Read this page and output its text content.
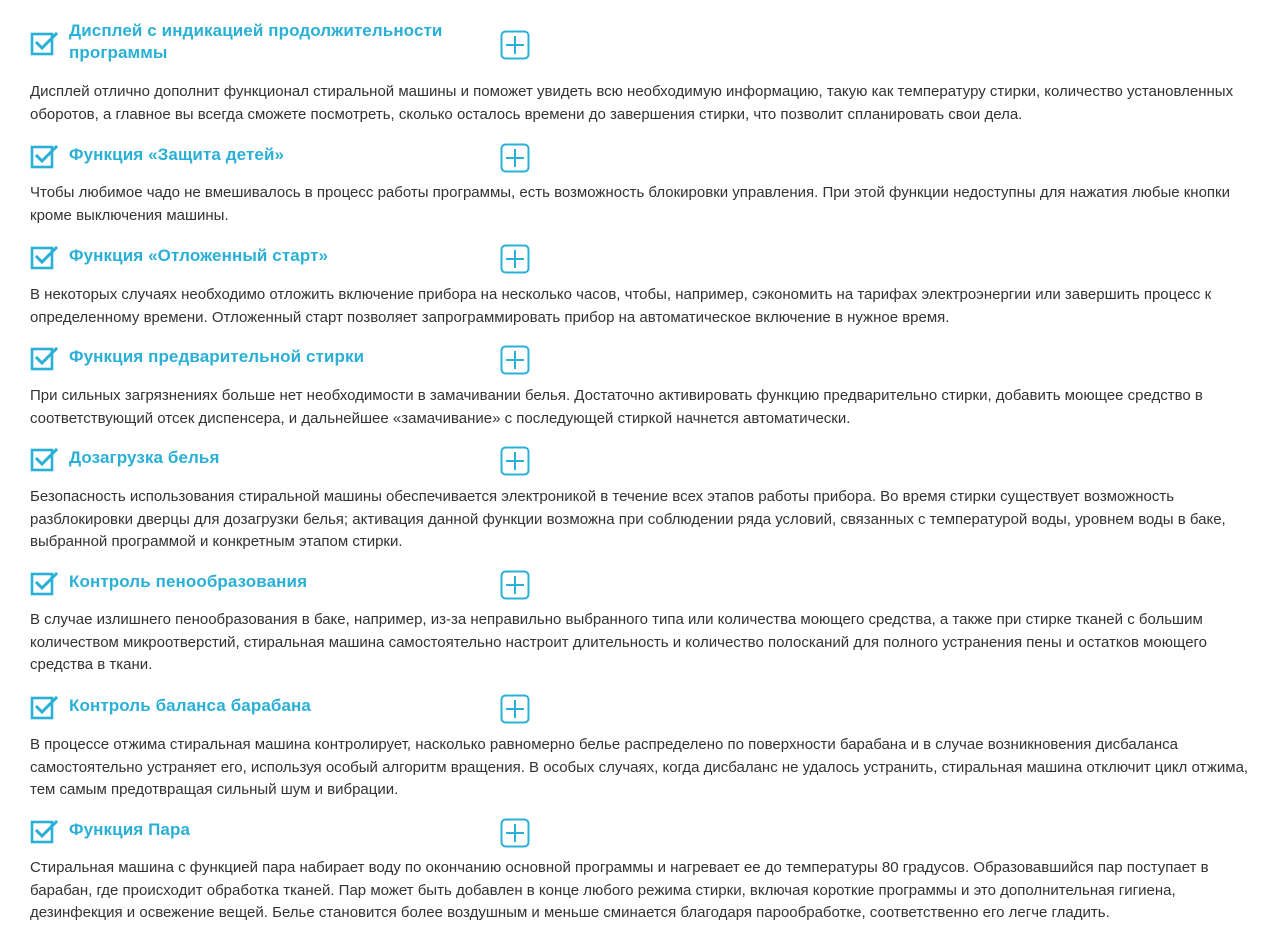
Дисплей с индикацией продолжительности программы

Дисплей отлично дополнит функционал стиральной машины и поможет увидеть всю необходимую информацию, такую как температуру стирки, количество установленных оборотов, а главное вы всегда сможете посмотреть, сколько осталось времени до завершения стирки, что позволит спланировать свои дела.

Функция «Защита детей»

Чтобы любимое чадо не вмешивалось в процесс работы программы, есть возможность блокировки управления. При этой функции недоступны для нажатия любые кнопки кроме выключения машины.

Функция «Отложенный старт»

В некоторых случаях необходимо отложить включение прибора на несколько часов, чтобы, например, сэкономить на тарифах электроэнергии или завершить процесс к определенному времени. Отложенный старт позволяет запрограммировать прибор на автоматическое включение в нужное время.

Функция предварительной стирки

При сильных загрязнениях больше нет необходимости в замачивании белья. Достаточно активировать функцию предварительно стирки, добавить моющее средство в соответствующий отсек диспенсера, и дальнейшее «замачивание» с последующей стиркой начнется автоматически.

Дозагрузка белья

Безопасность использования стиральной машины обеспечивается электроникой в течение всех этапов работы прибора. Во время стирки существует возможность разблокировки дверцы для дозагрузки белья; активация данной функции возможна при соблюдении ряда условий, связанных с температурой воды, уровнем воды в баке, выбранной программой и конкретным этапом стирки.

Контроль пенообразования

В случае излишнего пенообразования в баке, например, из-за неправильно выбранного типа или количества моющего средства, а также при стирке тканей с большим количеством микроотверстий, стиральная машина самостоятельно настроит длительность и количество полосканий для полного устранения пены и остатков моющего средства в ткани.

Контроль баланса барабана

В процессе отжима стиральная машина контролирует, насколько равномерно белье распределено по поверхности барабана и в случае возникновения дисбаланса самостоятельно устраняет его, используя особый алгоритм вращения. В особых случаях, когда дисбаланс не удалось устранить, стиральная машина отключит цикл отжима, тем самым предотвращая сильный шум и вибрации.

Функция Пара

Стиральная машина с функцией пара набирает воду по окончанию основной программы и нагревает ее до температуры 80 градусов. Образовавшийся пар поступает в барабан, где происходит обработка тканей. Пар может быть добавлен в конце любого режима стирки, включая короткие программы и это дополнительная гигиена, дезинфекция и освежение вещей. Белье становится более воздушным и меньше сминается благодаря парообработке, соответственно его легче гладить.
